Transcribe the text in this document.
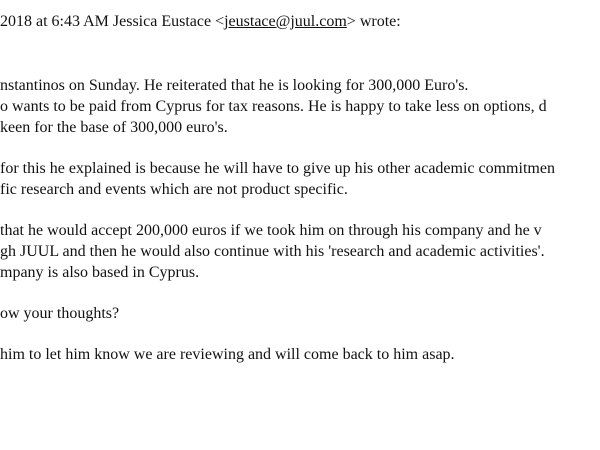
2018 at 6:43 AM Jessica Eustace <jeustace@juul.com> wrote:
nstantinos on Sunday. He reiterated that he is looking for 300,000 Euro's.
o wants to be paid from Cyprus for tax reasons. He is happy to take less on options, d
keen for the base of 300,000 euro's.
for this he explained is because he will have to give up his other academic commitmen
fic research and events which are not product specific.
that he would accept 200,000 euros if we took him on through his company and he v
gh JUUL and then he would also continue with his 'research and academic activities'.
mpany is also based in Cyprus.
ow your thoughts?
him to let him know we are reviewing and will come back to him asap.
